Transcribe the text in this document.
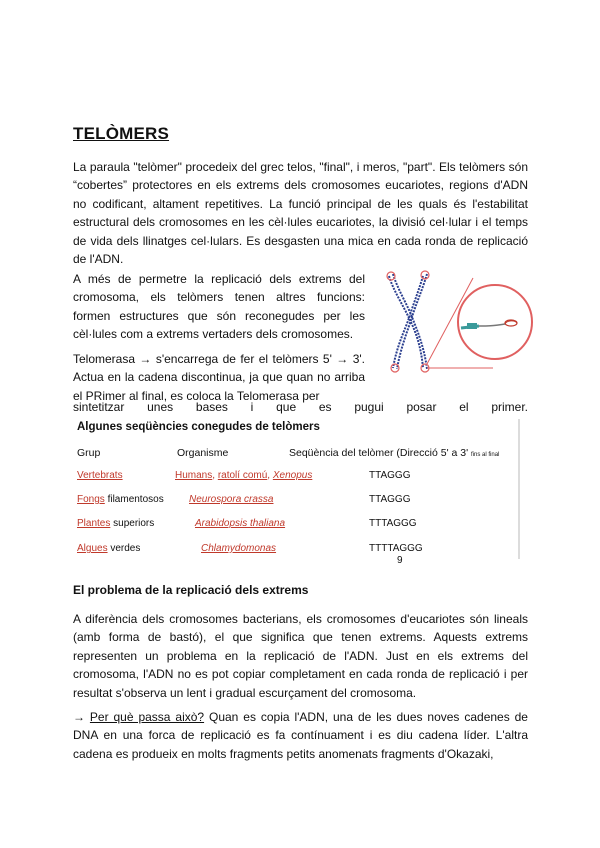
TELÒMERS

La paraula "telòmer" procedeix del grec telos, "final", i meros, "part". Els telòmers són “cobertes” protectores en els extrems dels cromosomes eucariotes, regions d'ADN no codificant, altament repetitives. La funció principal de les quals és l'estabilitat estructural dels cromosomes en les cèl·lules eucariotes, la divisió cel·lular i el temps de vida dels llinatges cel·lulars. Es desgasten una mica en cada ronda de replicació de l'ADN.

A més de permetre la replicació dels extrems del cromosoma, els telòmers tenen altres funcions: formen estructures que són reconegudes per les cèl·lules com a extrems vertaders dels cromosomes.

Telomerasa → s'encarrega de fer el telòmers 5' → 3'. Actua en la cadena discontinua, ja que quan no arriba el PRimer al final, es coloca la Telomerasa per

sintetitzar unes bases i que es pugui posar el primer.

Algunes seqüències conegudes de telòmers
Grup	Organisme	Seqüència del telòmer (Direcció 5' a 3' fins al final
Vertebrats	Humans, ratolí comú, Xenopus	TTAGGG
Fongs filamentosos	Neurospora crassa	TTAGGG
Plantes superiors	Arabidopsis thaliana	TTTAGGG
Algues verdes	Chlamydomonas	TTTTAGGG
9
El problema de la replicació dels extrems

A diferència dels cromosomes bacterians, els cromosomes d'eucariotes són lineals (amb forma de bastó), el que significa que tenen extrems. Aquests extrems representen un problema en la replicació de l'ADN. Just en els extrems del cromosoma, l'ADN no es pot copiar completament en cada ronda de replicació i per resultat s'observa un lent i gradual escurçament del cromosoma.

→ Per què passa això? Quan es copia l'ADN, una de les dues noves cadenes de DNA en una forca de replicació es fa contínuament i es diu cadena líder. L'altra cadena es produeix en molts fragments petits anomenats fragments d'Okazaki,
